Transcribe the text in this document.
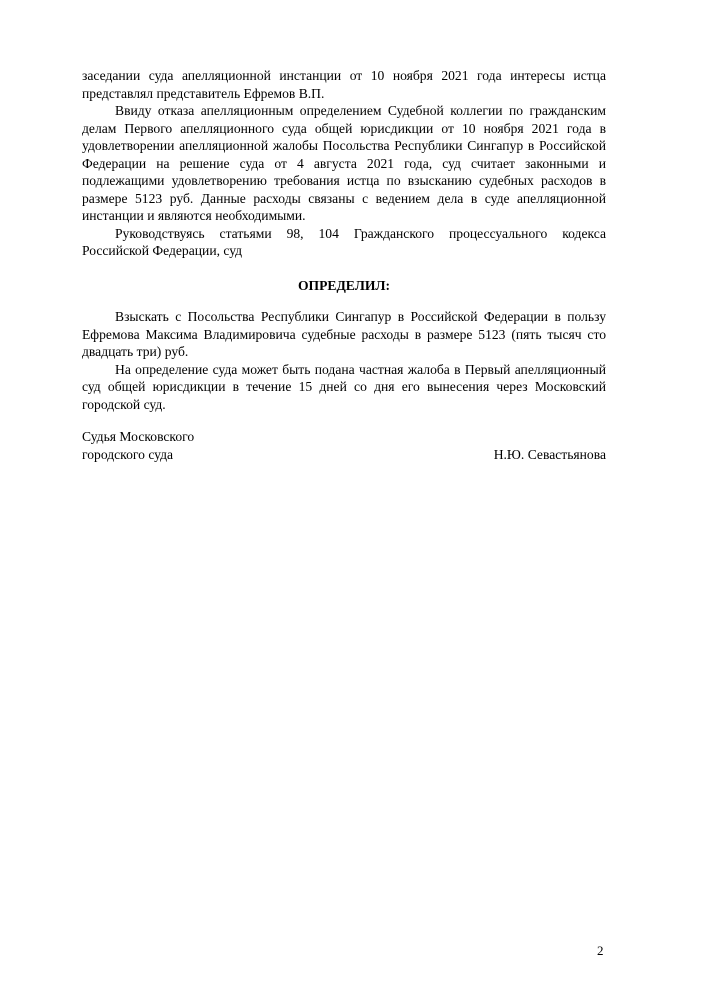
заседании суда апелляционной инстанции от 10 ноября 2021 года интересы истца представлял представитель Ефремов В.П.

Ввиду отказа апелляционным определением Судебной коллегии по гражданским делам Первого апелляционного суда общей юрисдикции от 10 ноября 2021 года в удовлетворении апелляционной жалобы Посольства Республики Сингапур в Российской Федерации на решение суда от 4 августа 2021 года, суд считает законными и подлежащими удовлетворению требования истца по взысканию судебных расходов в размере 5123 руб. Данные расходы связаны с ведением дела в суде апелляционной инстанции и являются необходимыми.

Руководствуясь статьями 98, 104 Гражданского процессуального кодекса Российской Федерации, суд

ОПРЕДЕЛИЛ:

Взыскать с Посольства Республики Сингапур в Российской Федерации в пользу Ефремова Максима Владимировича судебные расходы в размере 5123 (пять тысяч сто двадцать три) руб.

На определение суда может быть подана частная жалоба в Первый апелляционный суд общей юрисдикции в течение 15 дней со дня его вынесения через Московский городской суд.

Судья Московского
городского суда	Н.Ю. Севастьянова
2
